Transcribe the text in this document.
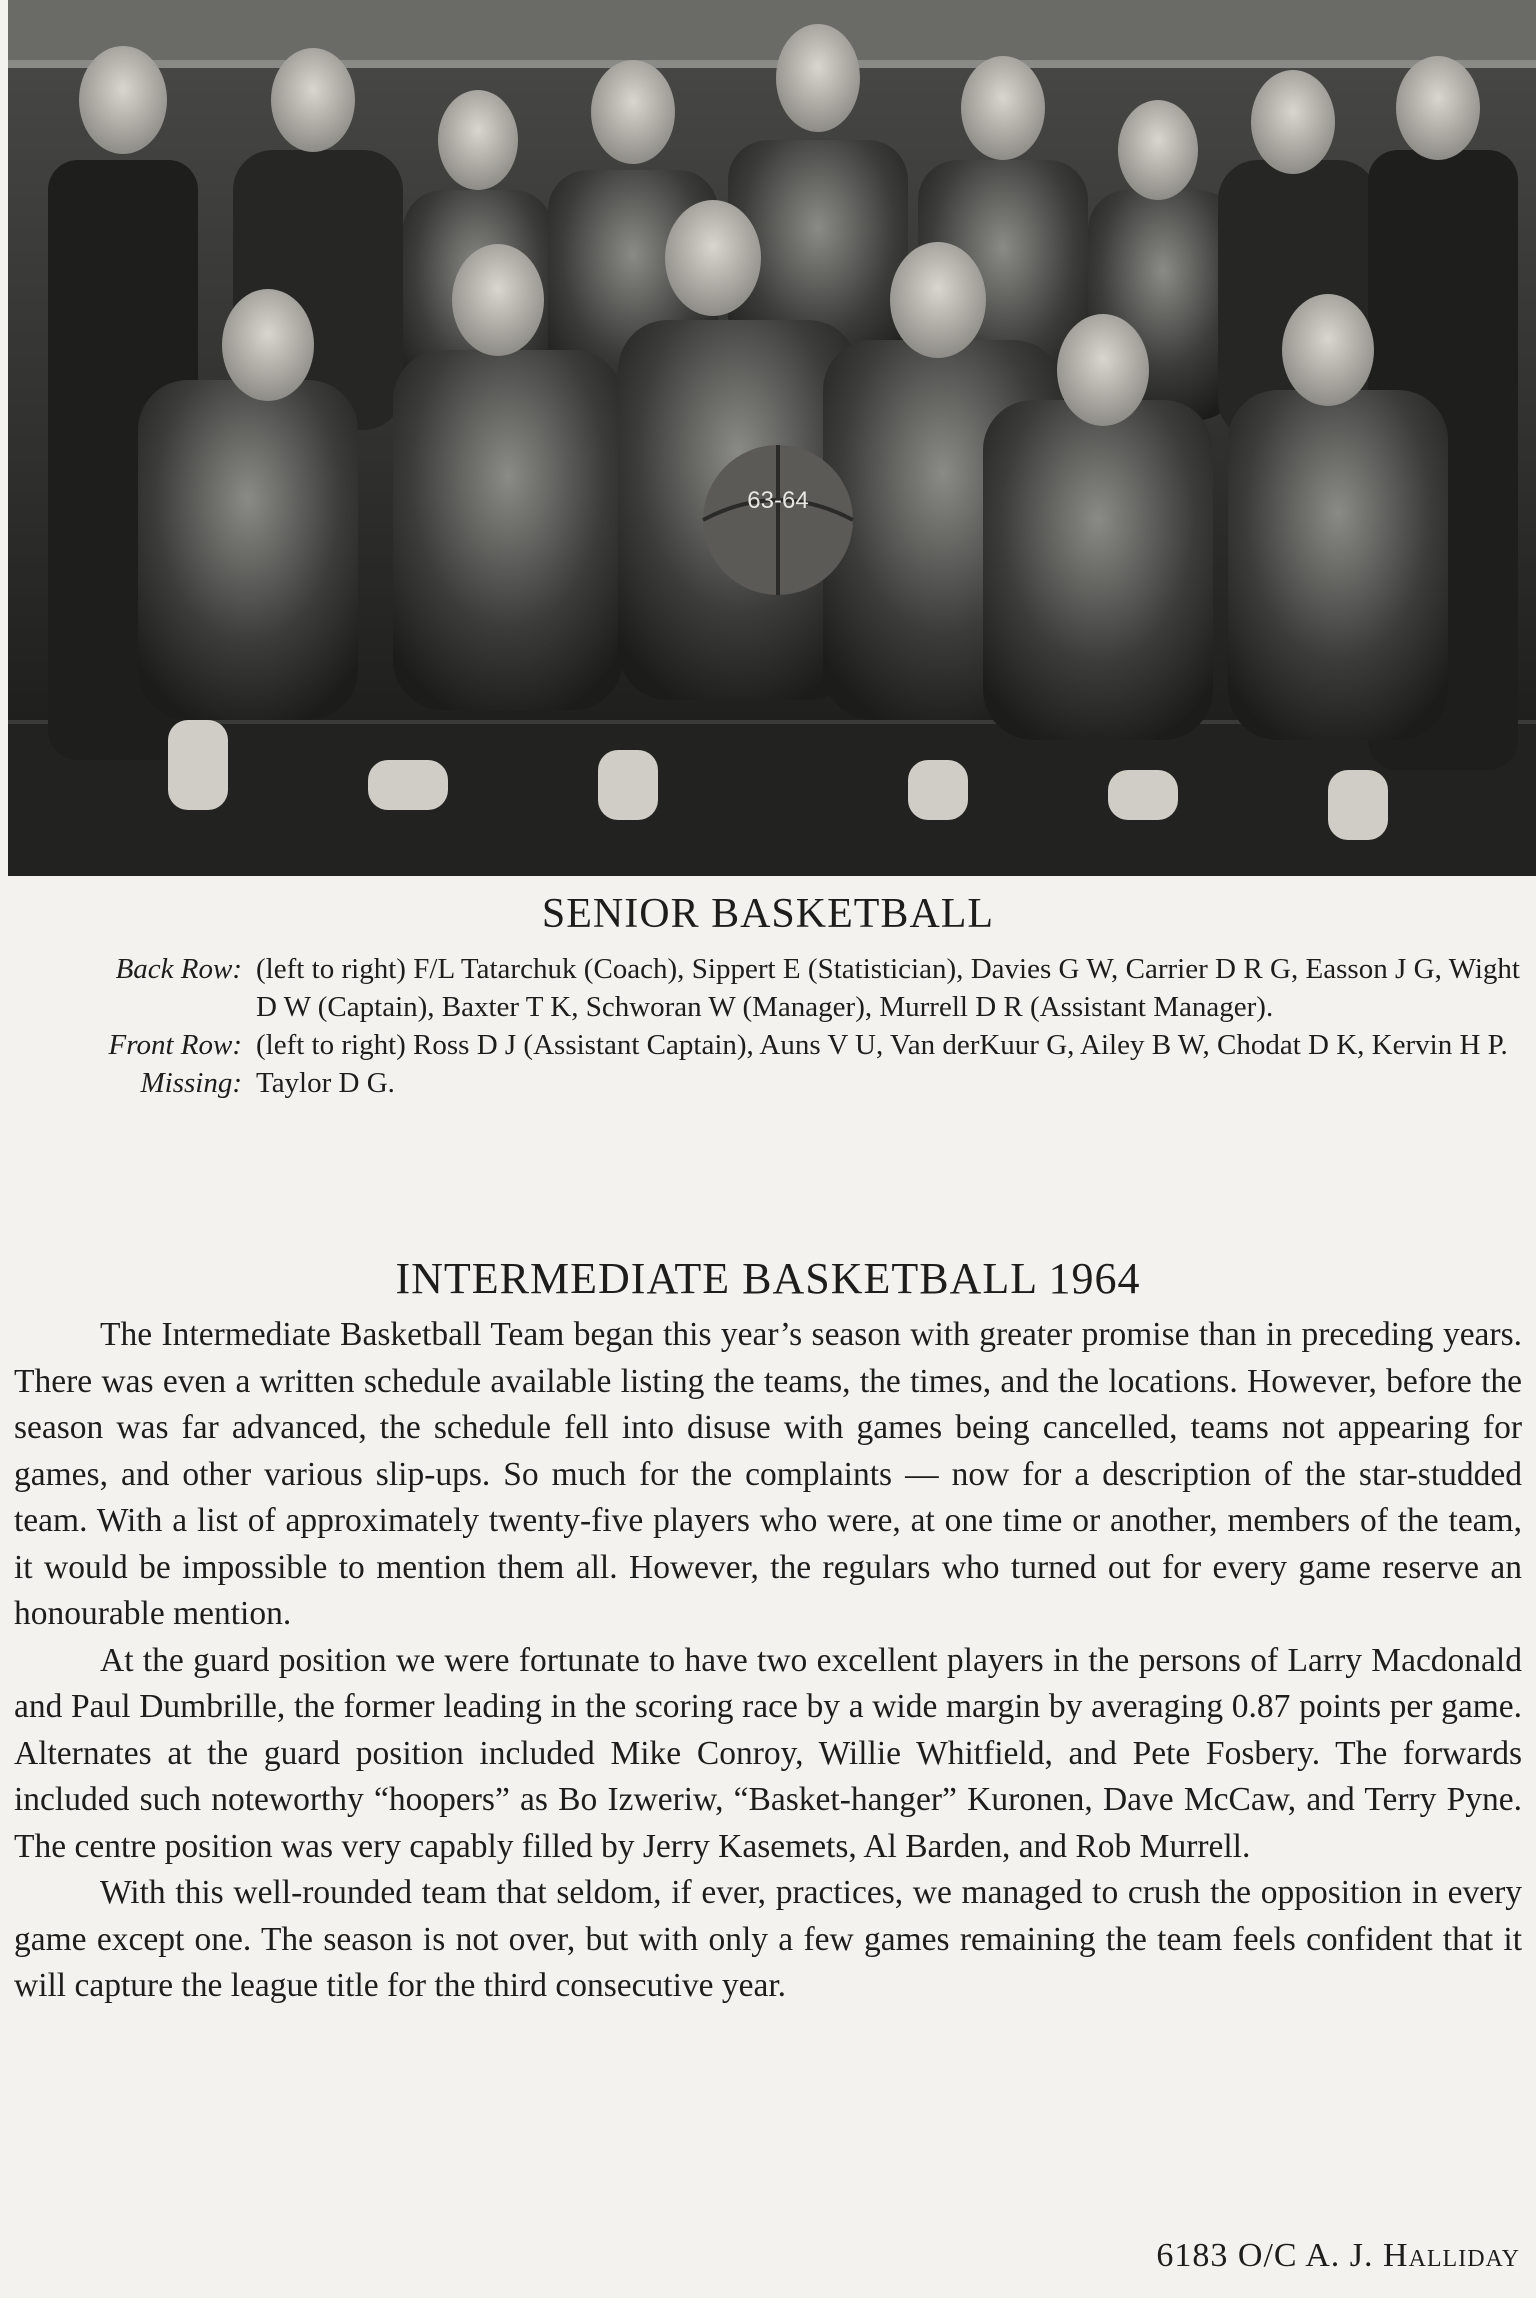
63-64
SENIOR BASKETBALL
Back Row: (left to right) F/L Tatarchuk (Coach), Sippert E (Statistician), Davies G W, Carrier D R G, Easson J G, Wight D W (Captain), Baxter T K, Schworan W (Manager), Murrell D R (Assistant Manager).
Front Row: (left to right) Ross D J (Assistant Captain), Auns V U, Van derKuur G, Ailey B W, Chodat D K, Kervin H P.
Missing: Taylor D G.
INTERMEDIATE BASKETBALL 1964

The Intermediate Basketball Team began this year’s season with greater promise than in preceding years. There was even a written schedule available listing the teams, the times, and the locations. However, before the season was far advanced, the schedule fell into disuse with games being cancelled, teams not appearing for games, and other various slip-ups. So much for the complaints — now for a description of the star-studded team. With a list of approximately twenty-five players who were, at one time or another, members of the team, it would be impossible to mention them all. However, the regulars who turned out for every game reserve an honourable mention.

At the guard position we were fortunate to have two excellent players in the persons of Larry Macdonald and Paul Dumbrille, the former leading in the scoring race by a wide margin by averaging 0.87 points per game. Alternates at the guard position included Mike Conroy, Willie Whitfield, and Pete Fosbery. The forwards included such noteworthy “hoopers” as Bo Izweriw, “Basket-hanger” Kuronen, Dave McCaw, and Terry Pyne. The centre position was very capably filled by Jerry Kasemets, Al Barden, and Rob Murrell.

With this well-rounded team that seldom, if ever, practices, we managed to crush the opposition in every game except one. The season is not over, but with only a few games remaining the team feels confident that it will capture the league title for the third consecutive year.

6183 O/C A. J. Halliday
